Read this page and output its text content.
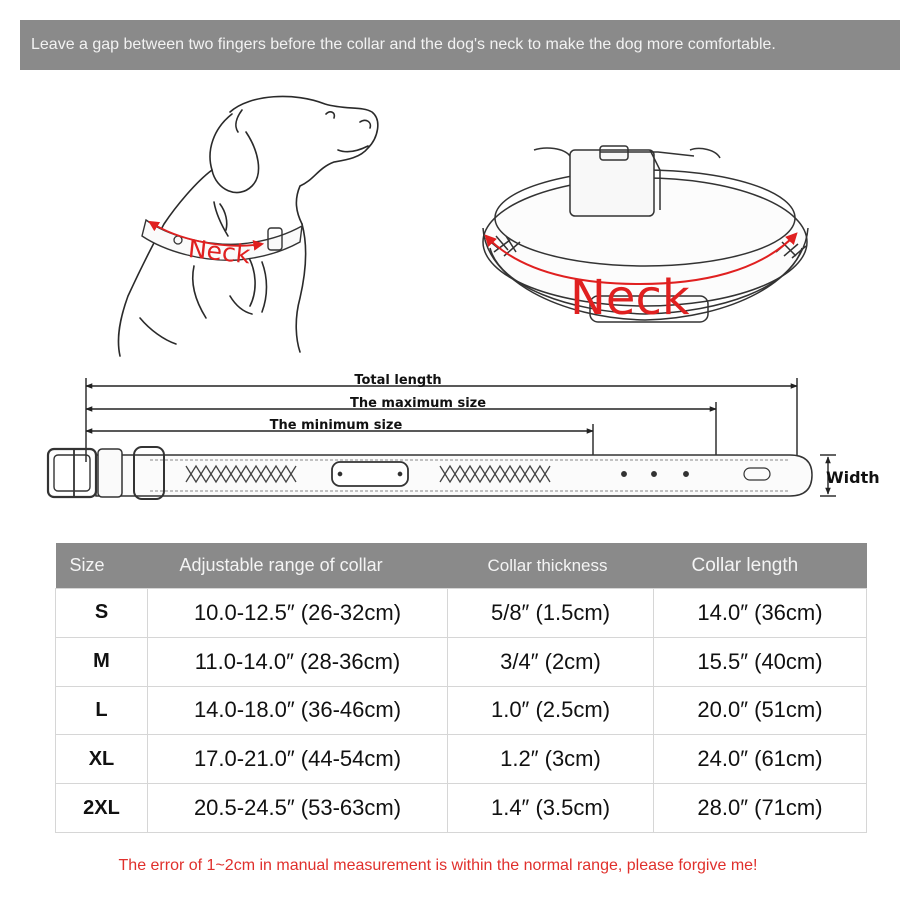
Leave a gap between two fingers before the collar and the dog's neck to make the dog more comfortable.
Neck
Neck
Total length
The maximum size
The minimum size
Width
Size	Adjustable range of collar	Collar thickness	Collar length
S	10.0-12.5″ (26-32cm)	5/8″ (1.5cm)	14.0″ (36cm)
M	11.0-14.0″ (28-36cm)	3/4″ (2cm)	15.5″ (40cm)
L	14.0-18.0″ (36-46cm)	1.0″ (2.5cm)	20.0″ (51cm)
XL	17.0-21.0″ (44-54cm)	1.2″ (3cm)	24.0″ (61cm)
2XL	20.5-24.5″ (53-63cm)	1.4″ (3.5cm)	28.0″ (71cm)
The error of 1~2cm in manual measurement is within the normal range, please forgive me!
